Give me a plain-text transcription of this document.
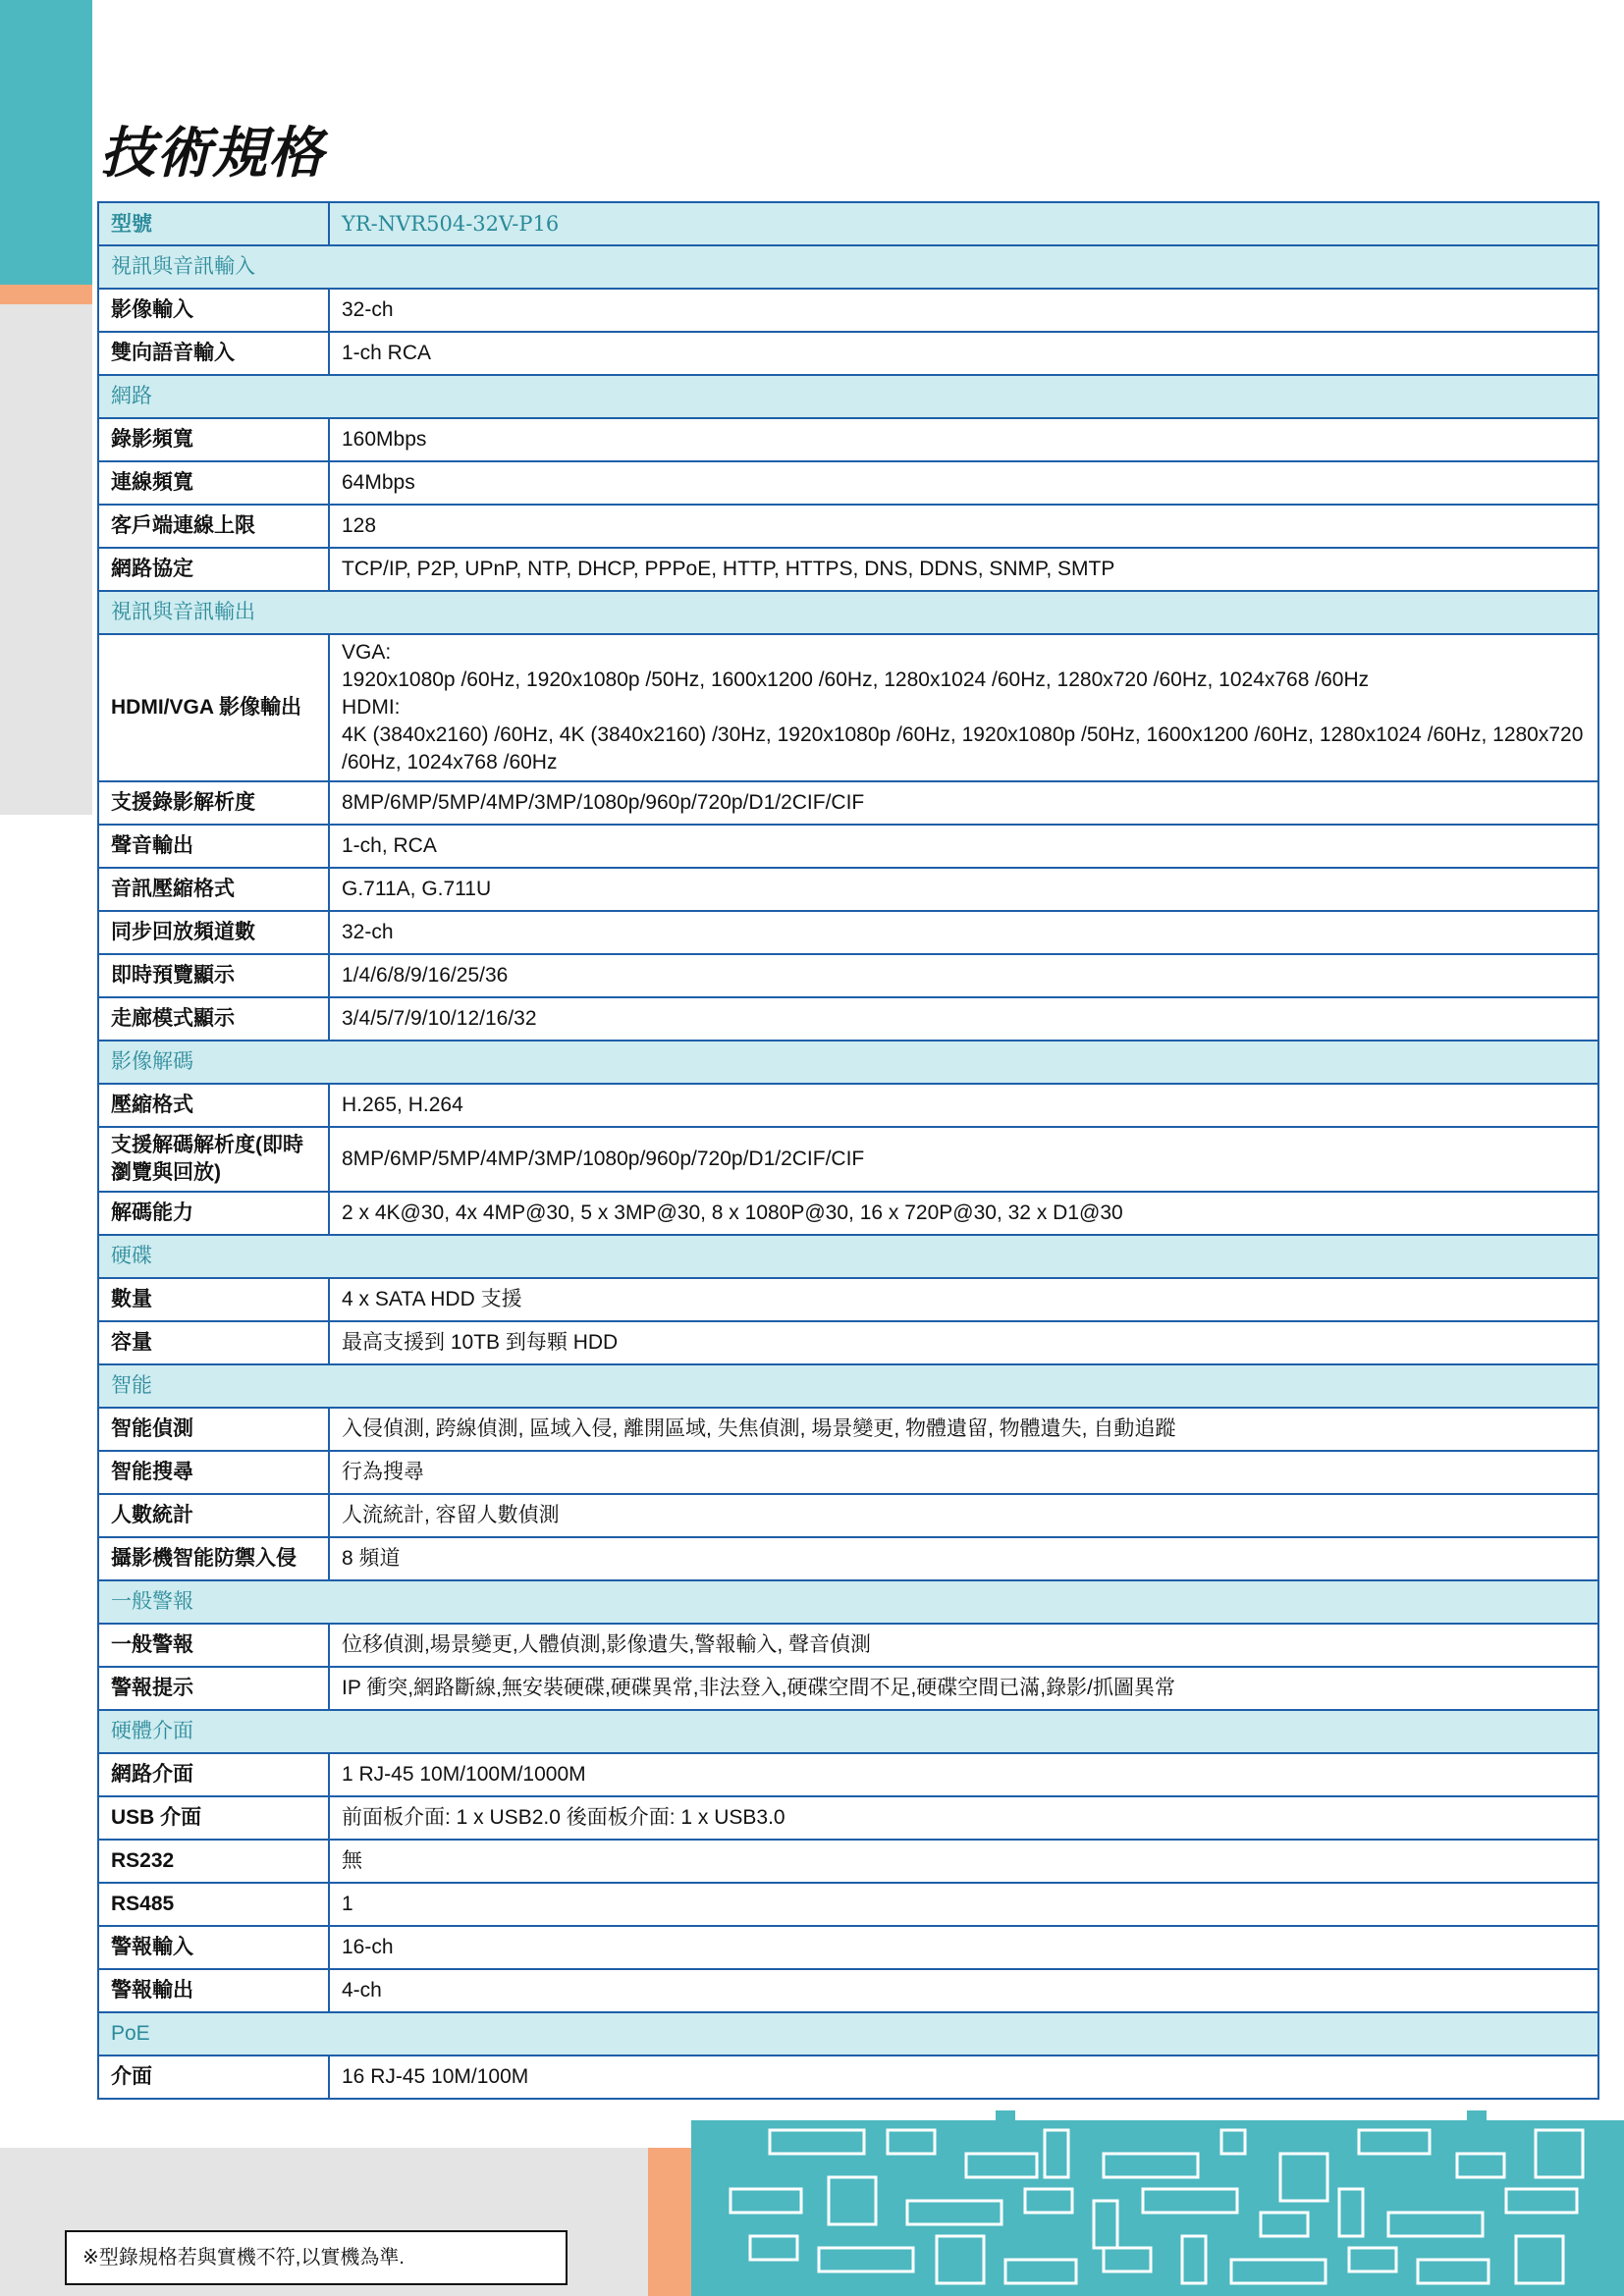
技術規格
型號	YR-NVR504-32V-P16
視訊與音訊輸入	
影像輸入	32-ch
雙向語音輸入	1-ch RCA
網路	
錄影頻寬	160Mbps
連線頻寬	64Mbps
客戶端連線上限	128
網路協定	TCP/IP, P2P, UPnP, NTP, DHCP, PPPoE, HTTP, HTTPS, DNS, DDNS, SNMP, SMTP
視訊與音訊輸出	
HDMI/VGA 影像輸出	VGA:
1920x1080p /60Hz, 1920x1080p /50Hz, 1600x1200 /60Hz, 1280x1024 /60Hz, 1280x720 /60Hz, 1024x768 /60Hz
HDMI:
4K (3840x2160) /60Hz, 4K (3840x2160) /30Hz, 1920x1080p /60Hz, 1920x1080p /50Hz, 1600x1200 /60Hz, 1280x1024 /60Hz, 1280x720 /60Hz, 1024x768 /60Hz

支援錄影解析度	8MP/6MP/5MP/4MP/3MP/1080p/960p/720p/D1/2CIF/CIF
聲音輸出	1-ch, RCA
音訊壓縮格式	G.711A, G.711U
同步回放頻道數	32-ch
即時預覽顯示	1/4/6/8/9/16/25/36
走廊模式顯示	3/4/5/7/9/10/12/16/32
影像解碼	
壓縮格式	H.265, H.264
支援解碼解析度(即時瀏覽與回放)	8MP/6MP/5MP/4MP/3MP/1080p/960p/720p/D1/2CIF/CIF
解碼能力	2 x 4K@30, 4x 4MP@30, 5 x 3MP@30, 8 x 1080P@30, 16 x 720P@30, 32 x D1@30
硬碟	
數量	4 x SATA HDD 支援
容量	最高支援到 10TB 到每顆 HDD
智能	
智能偵測	入侵偵測, 跨線偵測, 區域入侵, 離開區域, 失焦偵測, 場景變更, 物體遺留, 物體遺失, 自動追蹤
智能搜尋	行為搜尋
人數統計	人流統計, 容留人數偵測
攝影機智能防禦入侵	8 頻道
一般警報	
一般警報	位移偵測,場景變更,人體偵測,影像遺失,警報輸入, 聲音偵測
警報提示	IP 衝突,網路斷線,無安裝硬碟,硬碟異常,非法登入,硬碟空間不足,硬碟空間已滿,錄影/抓圖異常
硬體介面	
網路介面	1 RJ-45 10M/100M/1000M
USB 介面	前面板介面: 1 x USB2.0 後面板介面: 1 x USB3.0
RS232	無
RS485	1
警報輸入	16-ch
警報輸出	4-ch
PoE	
介面	16 RJ-45 10M/100M
※型錄規格若與實機不符,以實機為準.
